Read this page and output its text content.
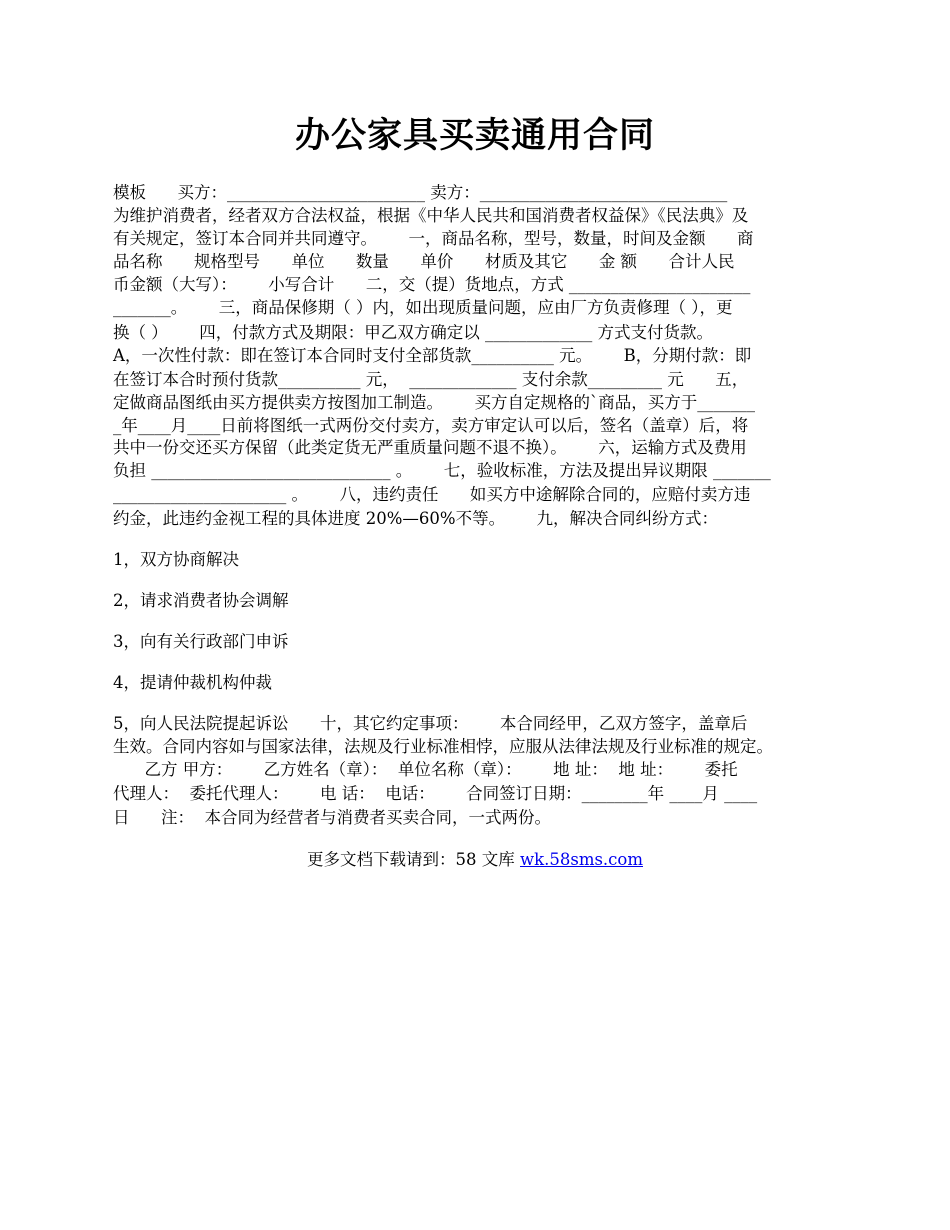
办公家具买卖通用合同
模板      买方：________________________ 卖方：______________________________
为维护消费者，经者双方合法权益，根据《中华人民共和国消费者权益保》《民法典》及
有关规定，签订本合同并共同遵守。      一，商品名称，型号，数量，时间及金额      商
品名称      规格型号      单位      数量      单价      材质及其它      金 额      合计人民
币金额（大写）：      小写合计      二，交（提）货地点，方式 ______________________
_______。      三，商品保修期（ ）内，如出现质量问题，应由厂方负责修理（ ），更
换（ ）      四，付款方式及期限：甲乙双方确定以 _____________ 方式支付货款。
A，一次性付款：即在签订本合同时支付全部货款__________ 元。      B，分期付款：即
在签订本合时预付货款__________ 元，  _____________ 支付余款_________ 元      五，
定做商品图纸由买方提供卖方按图加工制造。      买方自定规格的`商品，买方于_______
_年____月____日前将图纸一式两份交付卖方，卖方审定认可以后，签名（盖章）后，将
共中一份交还买方保留（此类定货无严重质量问题不退不换）。      六，运输方式及费用
负担 _____________________________ 。      七，验收标准，方法及提出异议期限 _______
_____________________ 。      八，违约责任      如买方中途解除合同的，应赔付卖方违
约金，此违约金视工程的具体进度 20%—60%不等。      九，解决合同纠纷方式：
1，双方协商解决
2，请求消费者协会调解
3，向有关行政部门申诉
4，提请仲裁机构仲裁
5，向人民法院提起诉讼      十，其它约定事项：      本合同经甲，乙双方签字，盖章后
生效。合同内容如与国家法律，法规及行业标准相悖，应服从法律法规及行业标准的规定。
乙方 甲方：      乙方姓名（章）：  单位名称（章）：      地 址：  地 址：      委托
代理人：  委托代理人：      电 话：  电话：      合同签订日期：________年 ____月 ____
日      注：  本合同为经营者与消费者买卖合同，一式两份。
更多文档下载请到：58 文库 wk.58sms.com
